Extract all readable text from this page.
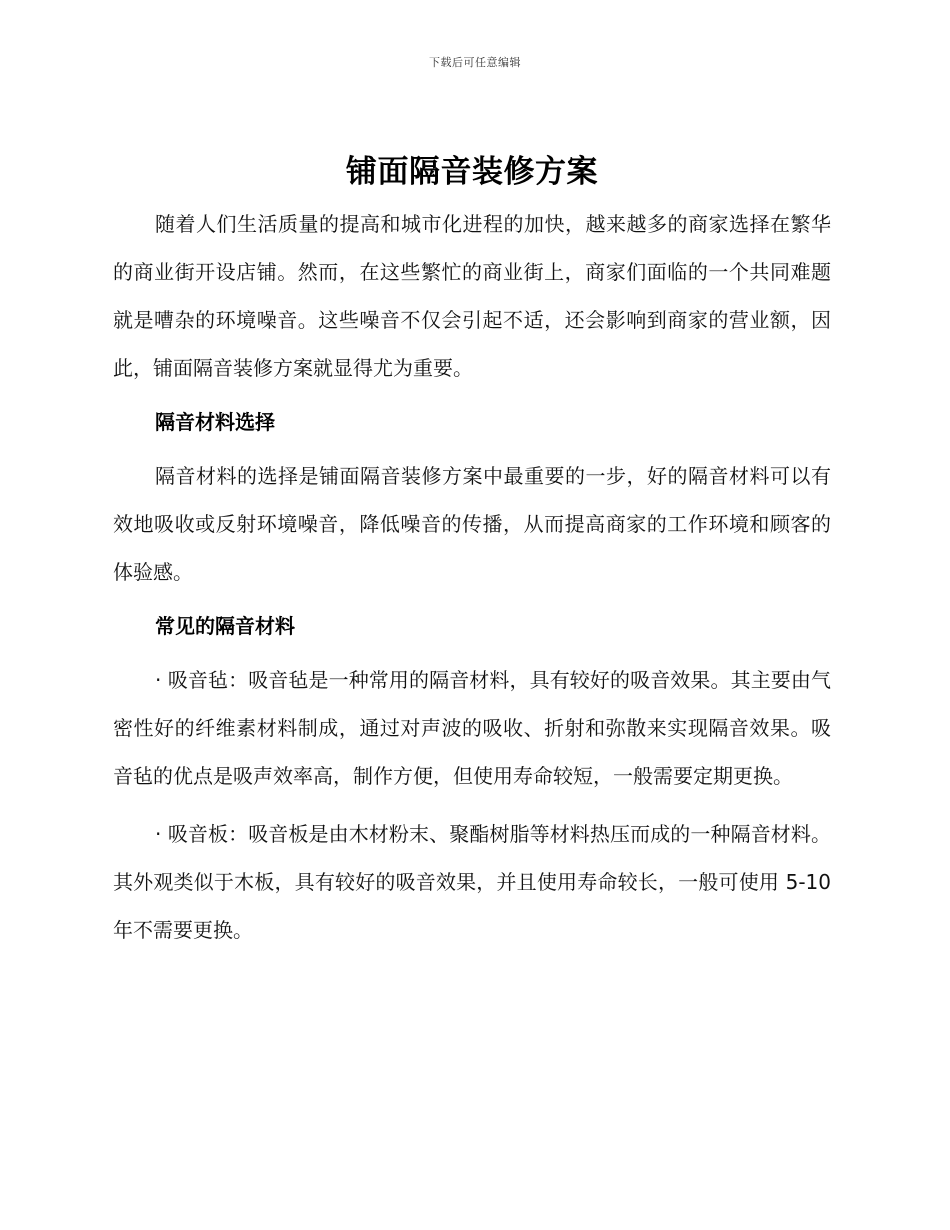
下载后可任意编辑
铺面隔音装修方案

随着人们生活质量的提高和城市化进程的加快，越来越多的商家选择在繁华的商业街开设店铺。然而，在这些繁忙的商业街上，商家们面临的一个共同难题就是嘈杂的环境噪音。这些噪音不仅会引起不适，还会影响到商家的营业额，因此，铺面隔音装修方案就显得尤为重要。

隔音材料选择

隔音材料的选择是铺面隔音装修方案中最重要的一步，好的隔音材料可以有效地吸收或反射环境噪音，降低噪音的传播，从而提高商家的工作环境和顾客的体验感。

常见的隔音材料

· 吸音毡：吸音毡是一种常用的隔音材料，具有较好的吸音效果。其主要由气密性好的纤维素材料制成，通过对声波的吸收、折射和弥散来实现隔音效果。吸音毡的优点是吸声效率高，制作方便，但使用寿命较短，一般需要定期更换。

· 吸音板：吸音板是由木材粉末、聚酯树脂等材料热压而成的一种隔音材料。其外观类似于木板，具有较好的吸音效果，并且使用寿命较长，一般可使用 5-10 年不需要更换。
